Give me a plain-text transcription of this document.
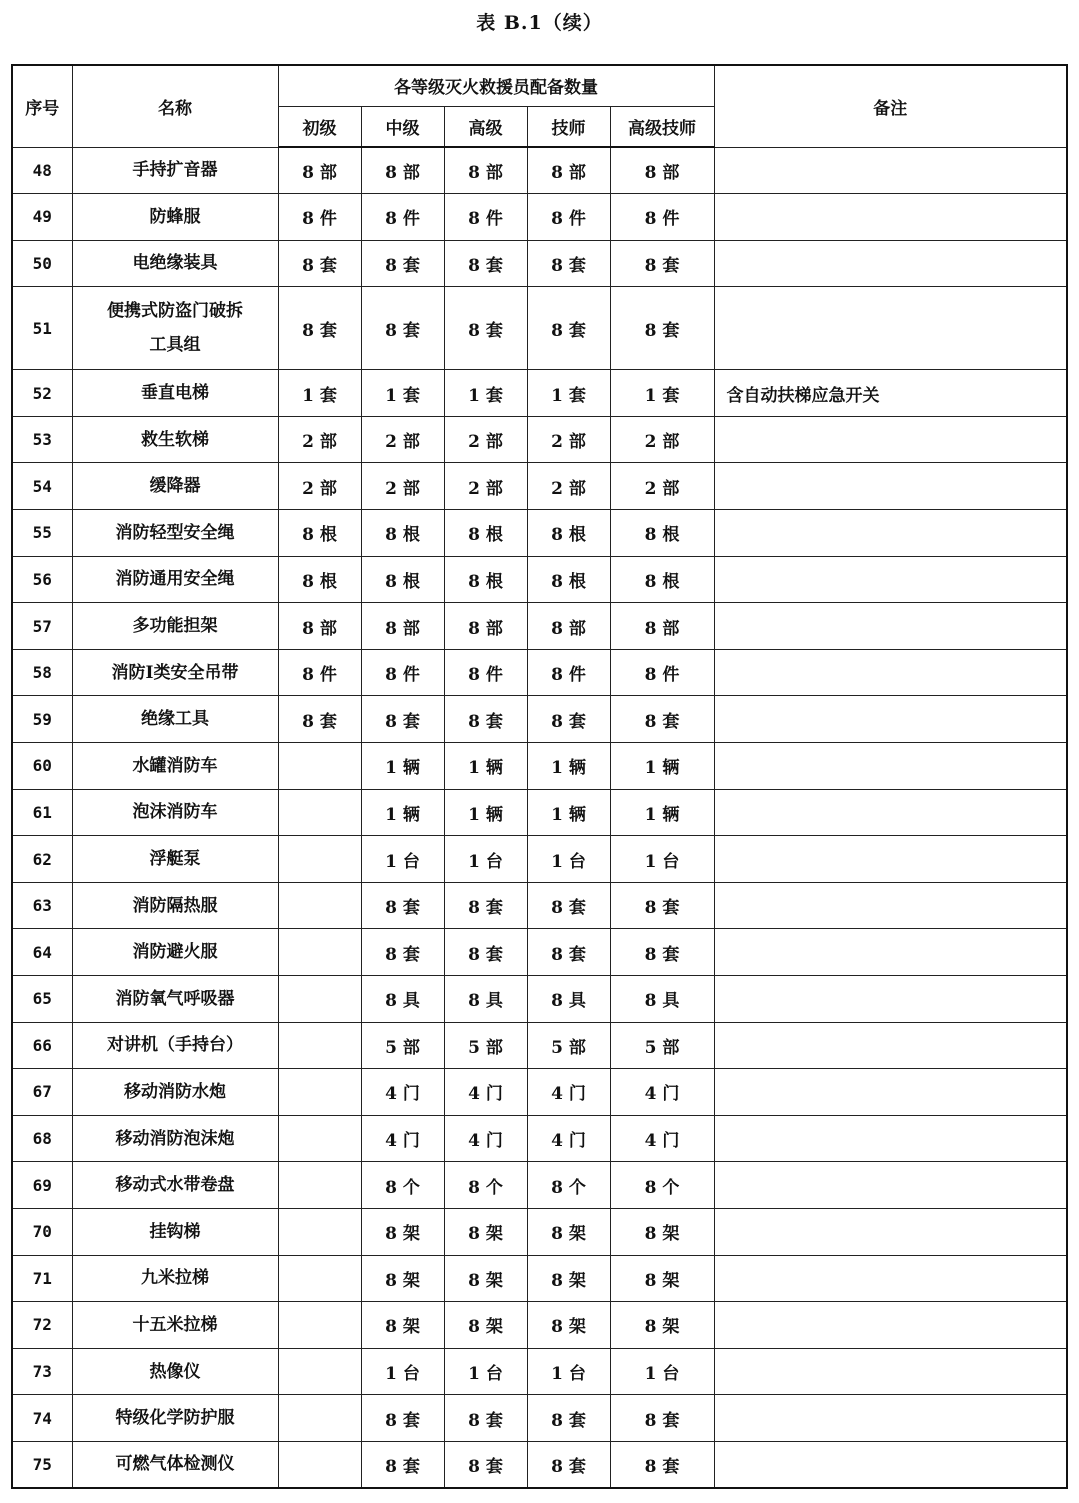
表 B.1（续）
序号	名称	各等级灭火救援员配备数量					备注
		初级	中级	高级	技师	高级技师	
48	手持扩音器	8 部	8 部	8 部	8 部	8 部	
49	防蜂服	8 件	8 件	8 件	8 件	8 件	
50	电绝缘装具	8 套	8 套	8 套	8 套	8 套	
51	便携式防盗门破拆工具组	8 套	8 套	8 套	8 套	8 套	
52	垂直电梯	1 套	1 套	1 套	1 套	1 套	含自动扶梯应急开关
53	救生软梯	2 部	2 部	2 部	2 部	2 部	
54	缓降器	2 部	2 部	2 部	2 部	2 部	
55	消防轻型安全绳	8 根	8 根	8 根	8 根	8 根	
56	消防通用安全绳	8 根	8 根	8 根	8 根	8 根	
57	多功能担架	8 部	8 部	8 部	8 部	8 部	
58	消防Ⅰ类安全吊带	8 件	8 件	8 件	8 件	8 件	
59	绝缘工具	8 套	8 套	8 套	8 套	8 套	
60	水罐消防车		1 辆	1 辆	1 辆	1 辆	
61	泡沫消防车		1 辆	1 辆	1 辆	1 辆	
62	浮艇泵		1 台	1 台	1 台	1 台	
63	消防隔热服		8 套	8 套	8 套	8 套	
64	消防避火服		8 套	8 套	8 套	8 套	
65	消防氧气呼吸器		8 具	8 具	8 具	8 具	
66	对讲机（手持台）		5 部	5 部	5 部	5 部	
67	移动消防水炮		4 门	4 门	4 门	4 门	
68	移动消防泡沫炮		4 门	4 门	4 门	4 门	
69	移动式水带卷盘		8 个	8 个	8 个	8 个	
70	挂钩梯		8 架	8 架	8 架	8 架	
71	九米拉梯		8 架	8 架	8 架	8 架	
72	十五米拉梯		8 架	8 架	8 架	8 架	
73	热像仪		1 台	1 台	1 台	1 台	
74	特级化学防护服		8 套	8 套	8 套	8 套	
75	可燃气体检测仪		8 套	8 套	8 套	8 套	
